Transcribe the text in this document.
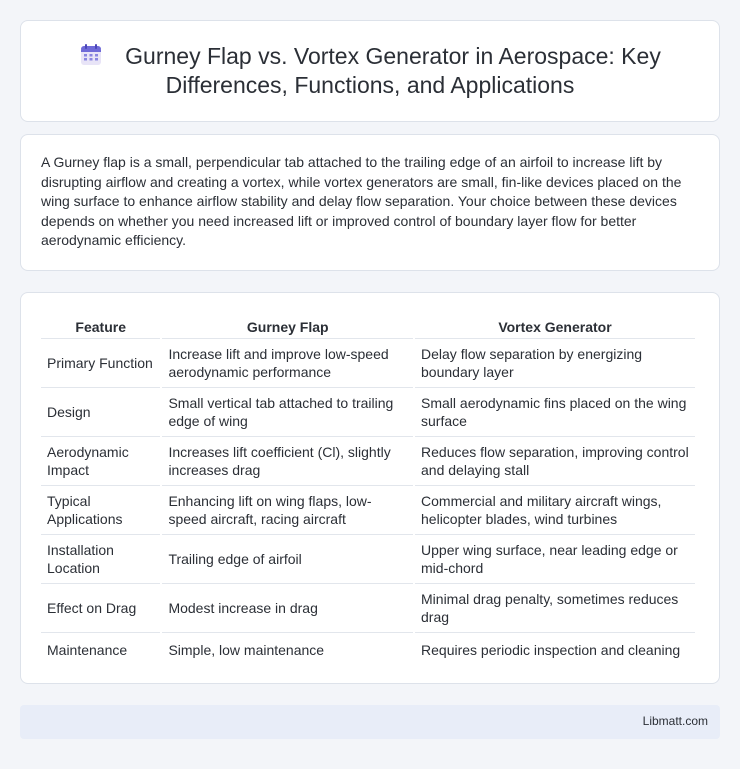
Gurney Flap vs. Vortex Generator in Aerospace: Key Differences, Functions, and Applications

A Gurney flap is a small, perpendicular tab attached to the trailing edge of an airfoil to increase lift by disrupting airflow and creating a vortex, while vortex generators are small, fin-like devices placed on the wing surface to enhance airflow stability and delay flow separation. Your choice between these devices depends on whether you need increased lift or improved control of boundary layer flow for better aerodynamic efficiency.

Feature	Gurney Flap	Vortex Generator
Primary Function	Increase lift and improve low-speed aerodynamic performance	Delay flow separation by energizing boundary layer
Design	Small vertical tab attached to trailing edge of wing	Small aerodynamic fins placed on the wing surface
Aerodynamic Impact	Increases lift coefficient (Cl), slightly increases drag	Reduces flow separation, improving control and delaying stall
Typical Applications	Enhancing lift on wing flaps, low-speed aircraft, racing aircraft	Commercial and military aircraft wings, helicopter blades, wind turbines
Installation Location	Trailing edge of airfoil	Upper wing surface, near leading edge or mid-chord
Effect on Drag	Modest increase in drag	Minimal drag penalty, sometimes reduces drag
Maintenance	Simple, low maintenance	Requires periodic inspection and cleaning
Libmatt.com
